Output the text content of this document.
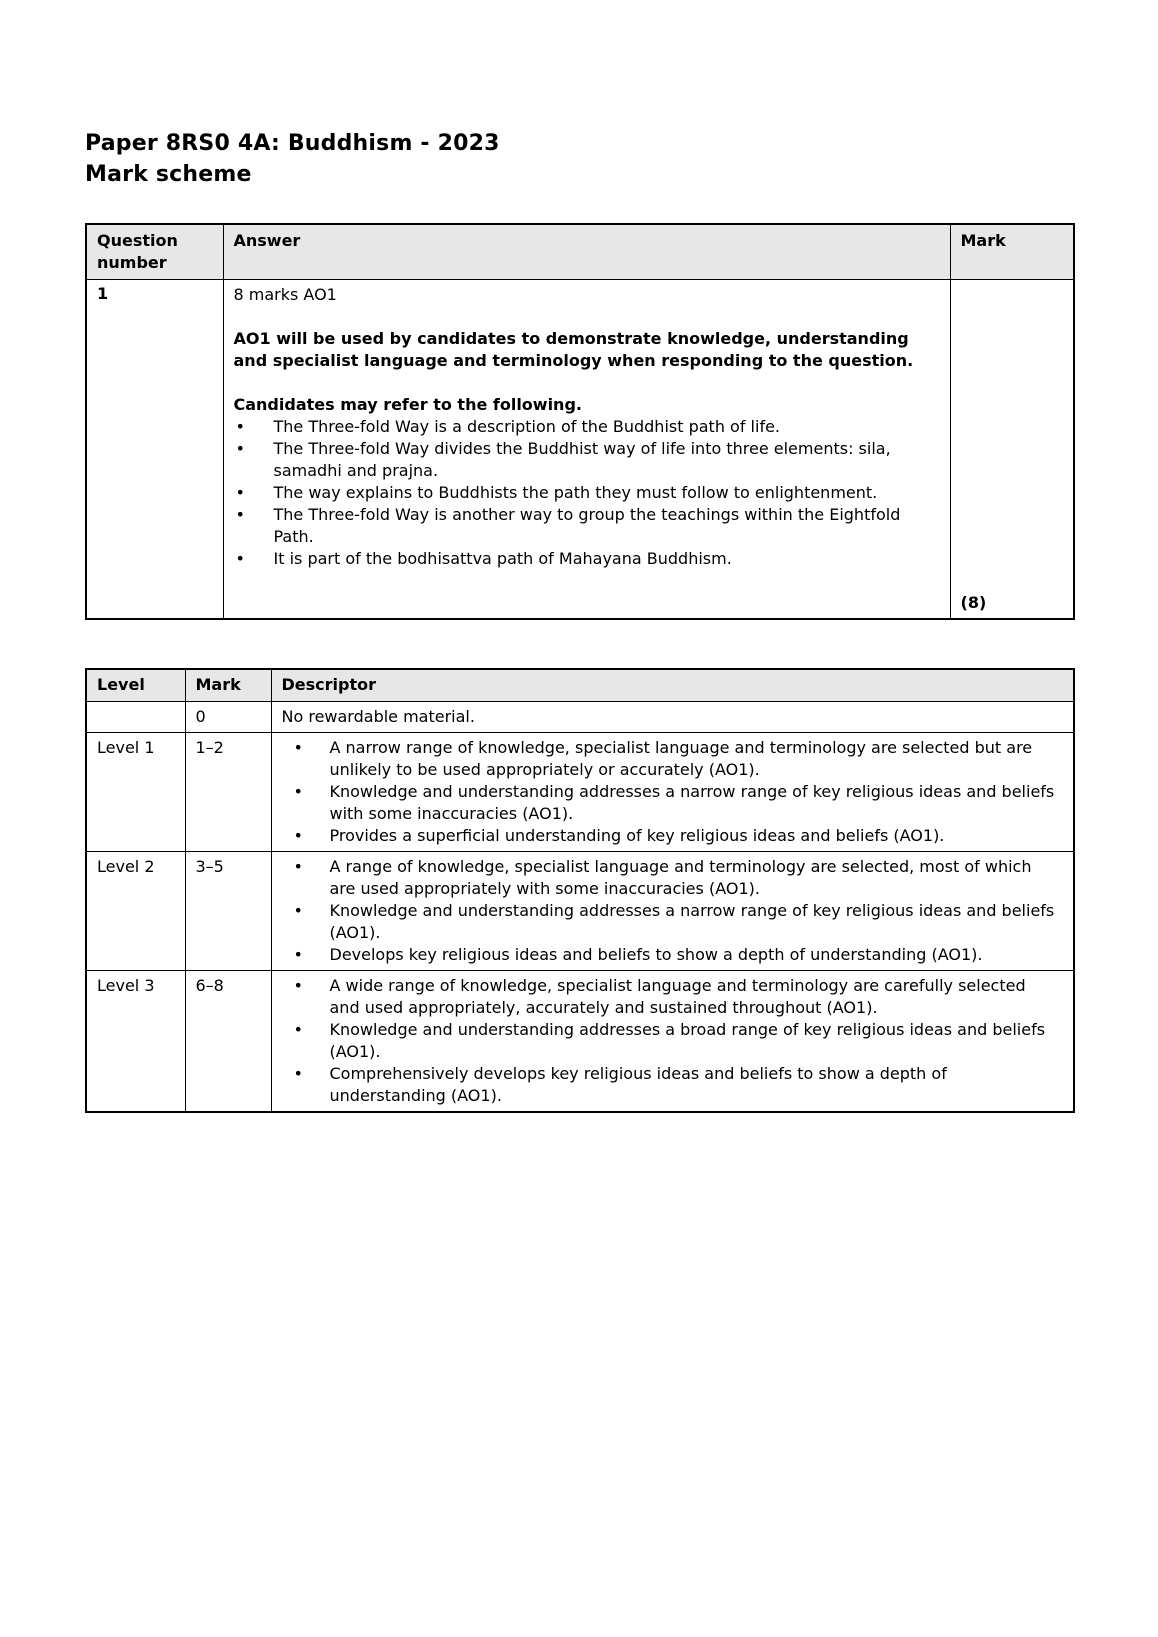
Paper 8RS0 4A: Buddhism - 2023
Mark scheme
Question number	Answer	Mark
1	8 marks AO1

AO1 will be used by candidates to demonstrate knowledge, understanding and specialist language and terminology when responding to the question.

Candidates may refer to the following.

• The Three-fold Way is a description of the Buddhist path of life.
• The Three-fold Way divides the Buddhist way of life into three elements: sila, samadhi and prajna.
• The way explains to Buddhists the path they must follow to enlightenment.
• The Three-fold Way is another way to group the teachings within the Eightfold Path.
• It is part of the bodhisattva path of Mahayana Buddhism.
	(8)
Level	Mark	Descriptor
	0	No rewardable material.
Level 1	1–2	
•A narrow range of knowledge, specialist language and terminology are selected but are unlikely to be used appropriately or accurately (AO1).
• Knowledge and understanding addresses a narrow range of key religious ideas and beliefs with some inaccuracies (AO1).
• Provides a superficial understanding of key religious ideas and beliefs (AO1).

Level 2	3–5	
•A range of knowledge, specialist language and terminology are selected, most of which are used appropriately with some inaccuracies (AO1).
• Knowledge and understanding addresses a narrow range of key religious ideas and beliefs (AO1).
• Develops key religious ideas and beliefs to show a depth of understanding (AO1).

Level 3	6–8	
•A wide range of knowledge, specialist language and terminology are carefully selected and used appropriately, accurately and sustained throughout (AO1).
• Knowledge and understanding addresses a broad range of key religious ideas and beliefs (AO1).
• Comprehensively develops key religious ideas and beliefs to show a depth of understanding (AO1).
